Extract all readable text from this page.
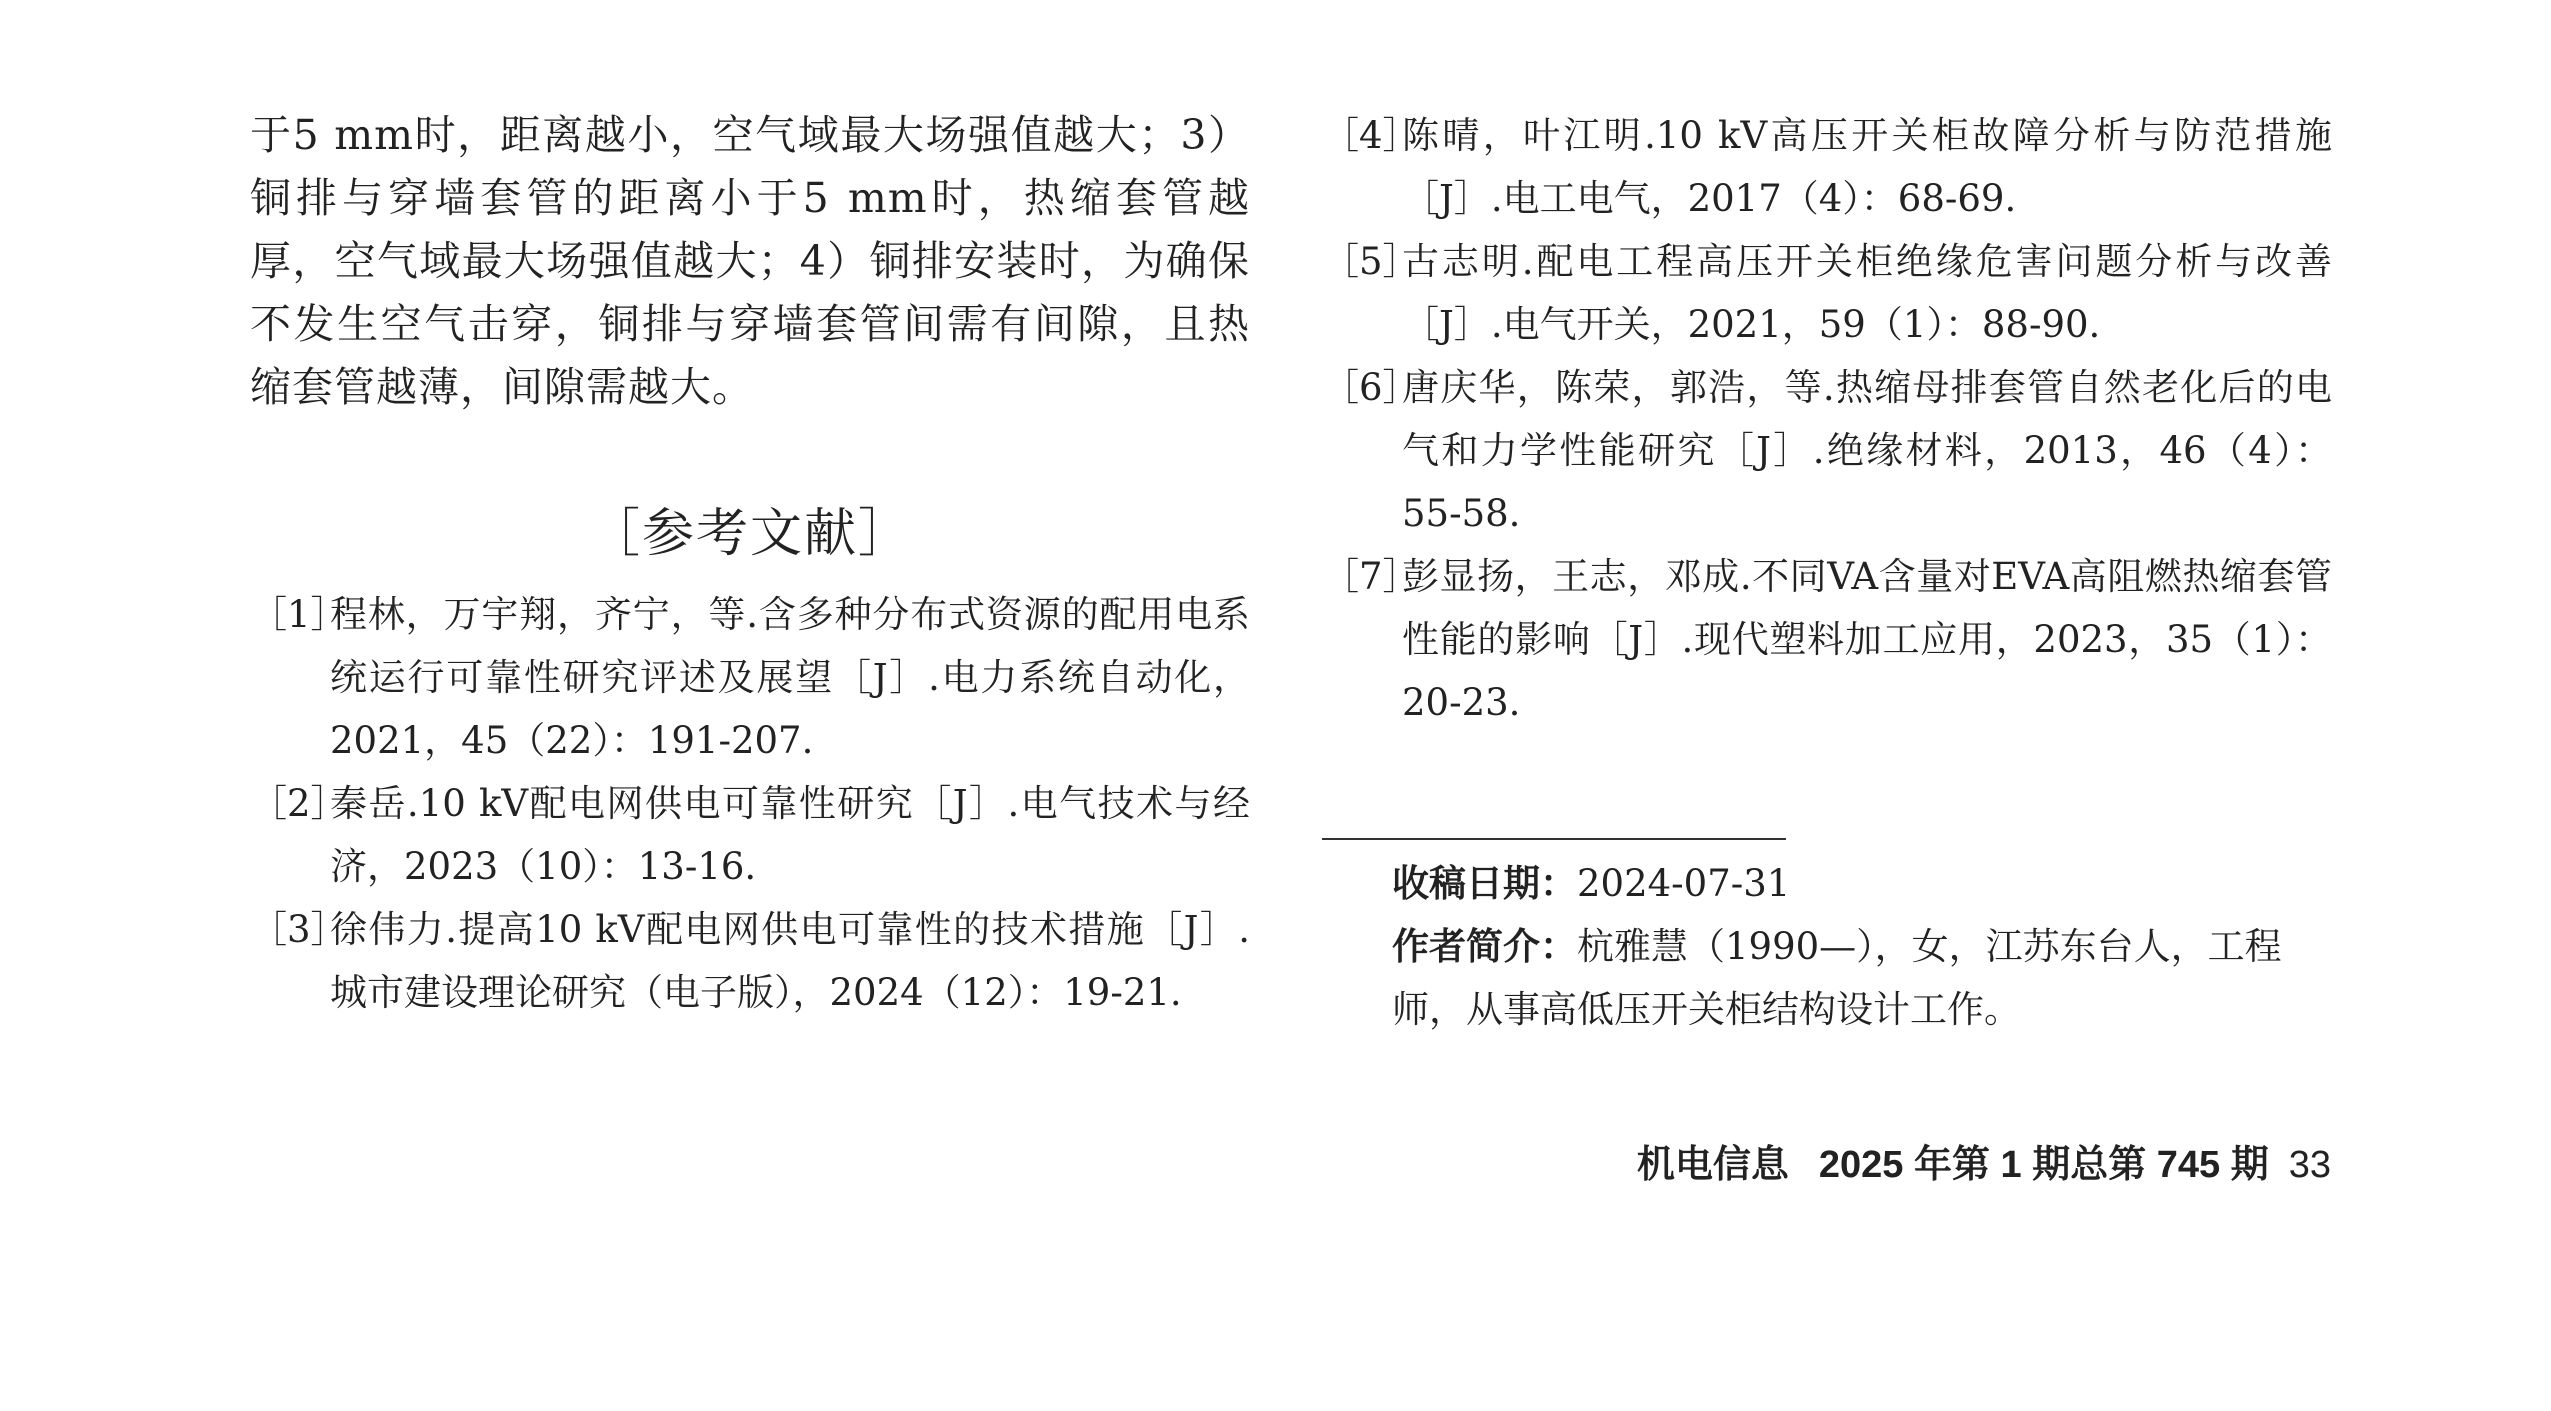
于5 mm时，距离越小，空气域最大场强值越大；3）铜排与穿墙套管的距离小于5 mm时，热缩套管越厚，空气域最大场强值越大；4）铜排安装时，为确保不发生空气击穿，铜排与穿墙套管间需有间隙，且热缩套管越薄，间隙需越大。

［参考文献］

［1］
程林，万宇翔，齐宁，等.含多种分布式资源的配用电系统运行可靠性研究评述及展望［J］.电力系统自动化，2021，45（22）：191-207.

［2］
秦岳.10 kV配电网供电可靠性研究［J］.电气技术与经济，2023（10）：13-16.

［3］
徐伟力.提高10 kV配电网供电可靠性的技术措施［J］.城市建设理论研究（电子版），2024（12）：19-21.

［4］
陈晴，叶江明.10 kV高压开关柜故障分析与防范措施［J］.电工电气，2017（4）：68-69.

［5］
古志明.配电工程高压开关柜绝缘危害问题分析与改善［J］.电气开关，2021，59（1）：88-90.

［6］
唐庆华，陈荣，郭浩，等.热缩母排套管自然老化后的电气和力学性能研究［J］.绝缘材料，2013，46（4）：55-58.

［7］
彭显扬，王志，邓成.不同VA含量对EVA高阻燃热缩套管性能的影响［J］.现代塑料加工应用，2023，35（1）：20-23.

收稿日期：2024-07-31

作者简介：杭雅慧（1990—），女，江苏东台人，工程师，从事高低压开关柜结构设计工作。

机电信息 2025 年第 1 期总第 745 期 33
